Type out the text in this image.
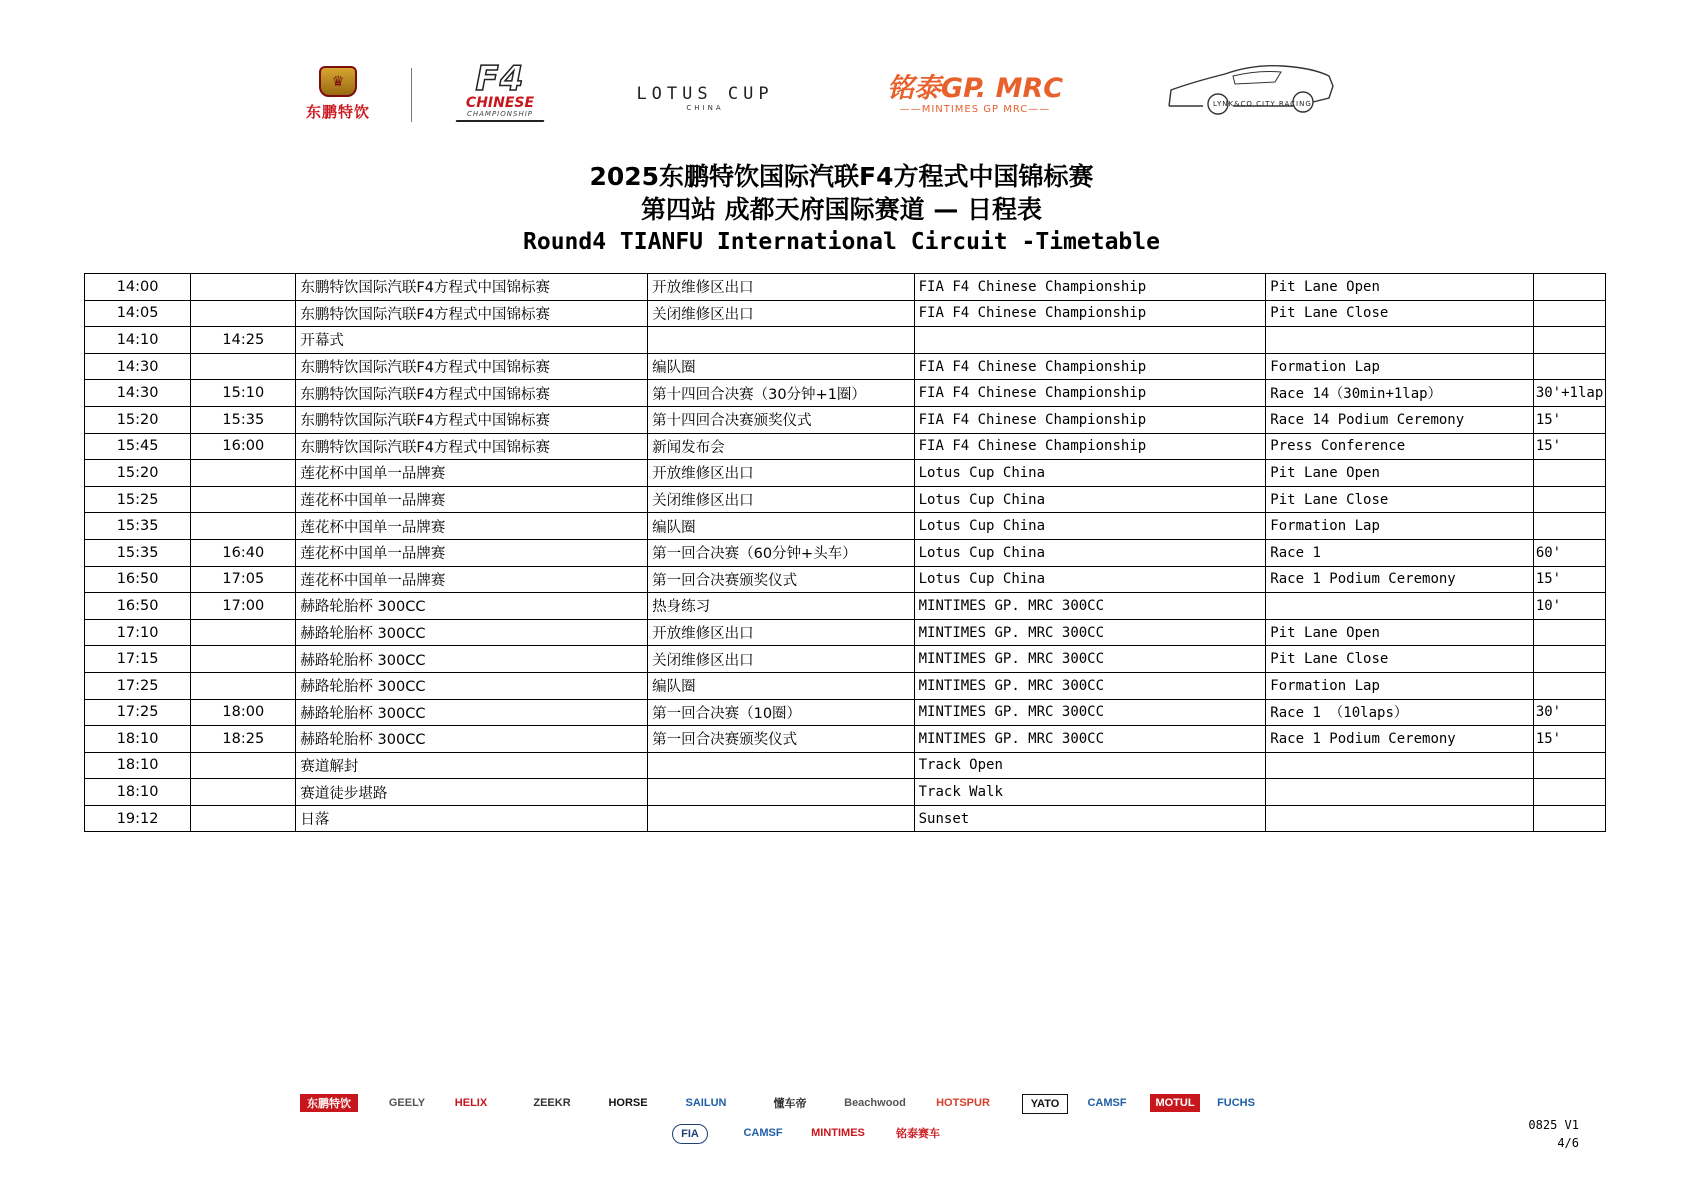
♛
东鹏特饮
F4
CHINESE
CHAMPIONSHIP
LOTUS CUP
CHINA
铭泰GP. MRC
——MINTIMES GP MRC——	LYNK&CO CITY RACING
2025东鹏特饮国际汽联F4方程式中国锦标赛
第四站 成都天府国际赛道 — 日程表
Round4 TIANFU International Circuit -Timetable
14:00		东鹏特饮国际汽联F4方程式中国锦标赛	开放维修区出口	FIA F4 Chinese Championship	Pit Lane Open	
14:05		东鹏特饮国际汽联F4方程式中国锦标赛	关闭维修区出口	FIA F4 Chinese Championship	Pit Lane Close	
14:10	14:25	开幕式				
14:30		东鹏特饮国际汽联F4方程式中国锦标赛	编队圈	FIA F4 Chinese Championship	Formation Lap	
14:30	15:10	东鹏特饮国际汽联F4方程式中国锦标赛	第十四回合决赛（30分钟+1圈）	FIA F4 Chinese Championship	Race 14（30min+1lap）	30'+1lap
15:20	15:35	东鹏特饮国际汽联F4方程式中国锦标赛	第十四回合决赛颁奖仪式	FIA F4 Chinese Championship	Race 14 Podium Ceremony	15'
15:45	16:00	东鹏特饮国际汽联F4方程式中国锦标赛	新闻发布会	FIA F4 Chinese Championship	Press Conference	15'
15:20		莲花杯中国单一品牌赛	开放维修区出口	Lotus Cup China	Pit Lane Open	
15:25		莲花杯中国单一品牌赛	关闭维修区出口	Lotus Cup China	Pit Lane Close	
15:35		莲花杯中国单一品牌赛	编队圈	Lotus Cup China	Formation Lap	
15:35	16:40	莲花杯中国单一品牌赛	第一回合决赛（60分钟+头车）	Lotus Cup China	Race 1	60'
16:50	17:05	莲花杯中国单一品牌赛	第一回合决赛颁奖仪式	Lotus Cup China	Race 1 Podium Ceremony	15'
16:50	17:00	赫路轮胎杯 300CC	热身练习	MINTIMES GP. MRC 300CC		10'
17:10		赫路轮胎杯 300CC	开放维修区出口	MINTIMES GP. MRC 300CC	Pit Lane Open	
17:15		赫路轮胎杯 300CC	关闭维修区出口	MINTIMES GP. MRC 300CC	Pit Lane Close	
17:25		赫路轮胎杯 300CC	编队圈	MINTIMES GP. MRC 300CC	Formation Lap	
17:25	18:00	赫路轮胎杯 300CC	第一回合决赛（10圈）	MINTIMES GP. MRC 300CC	Race 1 （10laps）	30'
18:10	18:25	赫路轮胎杯 300CC	第一回合决赛颁奖仪式	MINTIMES GP. MRC 300CC	Race 1 Podium Ceremony	15'
18:10		赛道解封		Track Open		
18:10		赛道徒步堪路		Track Walk		
19:12		日落		Sunset		
东鹏特饮	GEELY	HELIX	ZEEKR	HORSE	SAILUN	懂车帝	Beachwood	HOTSPUR	YATO	CAMSF	MOTUL	FUCHS
FIA	CAMSF	MINTIMES	铭泰赛车
0825 V1
4/6
